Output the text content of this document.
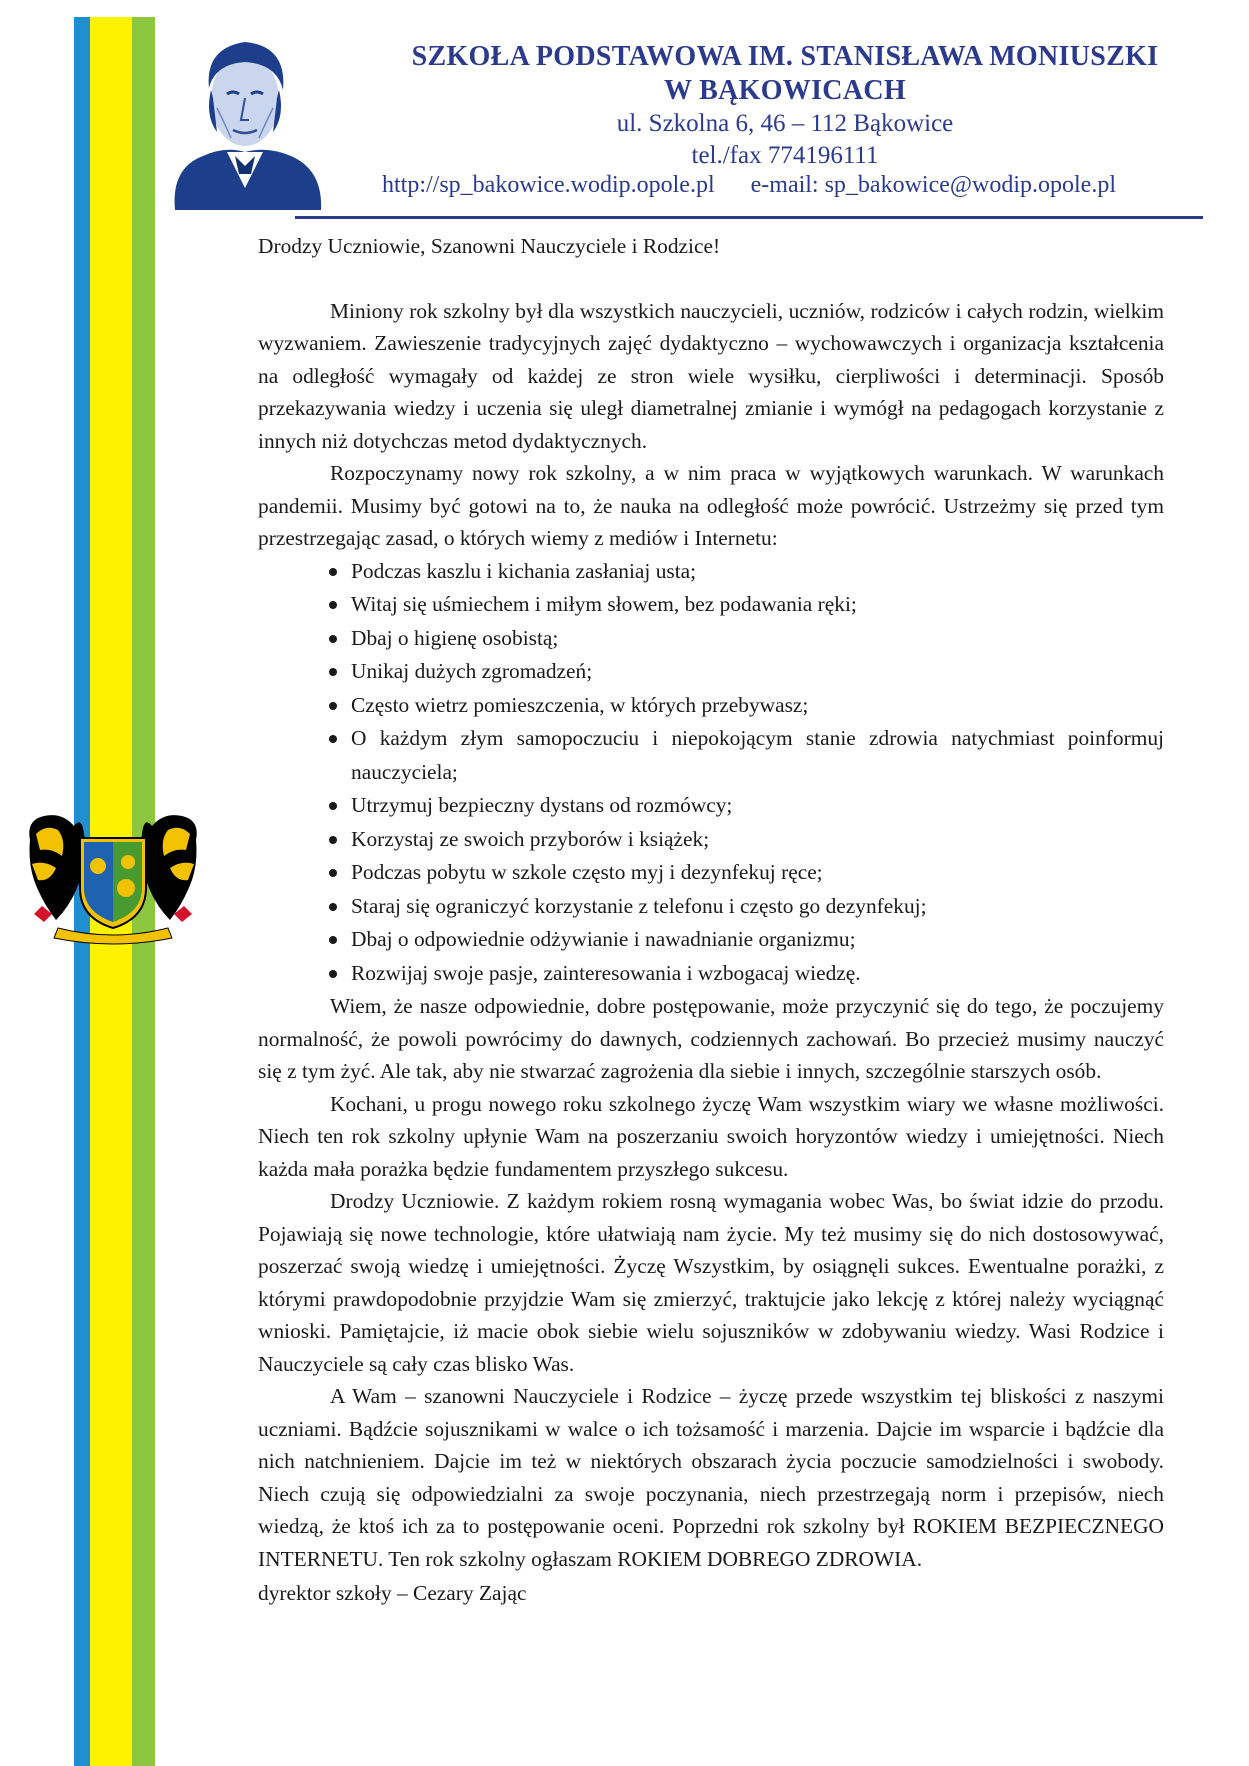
SZKOŁA PODSTAWOWA IM. STANISŁAWA MONIUSZKI
W BĄKOWICACH
ul. Szkolna 6, 46 – 112 Bąkowice
tel./fax 774196111
http://sp_bakowice.wodip.opole.pl e-mail: sp_bakowice@wodip.opole.pl

Drodzy Uczniowie, Szanowni Nauczyciele i Rodzice!

Miniony rok szkolny był dla wszystkich nauczycieli, uczniów, rodziców i całych rodzin, wielkim wyzwaniem. Zawieszenie tradycyjnych zajęć dydaktyczno – wychowawczych i organizacja kształcenia na odległość wymagały od każdej ze stron wiele wysiłku, cierpliwości i determinacji. Sposób przekazywania wiedzy i uczenia się uległ diametralnej zmianie i wymógł na pedagogach korzystanie z innych niż dotychczas metod dydaktycznych.

Rozpoczynamy nowy rok szkolny, a w nim praca w wyjątkowych warunkach. W warunkach pandemii. Musimy być gotowi na to, że nauka na odległość może powrócić. Ustrzeżmy się przed tym przestrzegając zasad, o których wiemy z mediów i Internetu:

Podczas kaszlu i kichania zasłaniaj usta;
Witaj się uśmiechem i miłym słowem, bez podawania ręki;
Dbaj o higienę osobistą;
Unikaj dużych zgromadzeń;
Często wietrz pomieszczenia, w których przebywasz;
O każdym złym samopoczuciu i niepokojącym stanie zdrowia natychmiast poinformuj nauczyciela;
Utrzymuj bezpieczny dystans od rozmówcy;
Korzystaj ze swoich przyborów i książek;
Podczas pobytu w szkole często myj i dezynfekuj ręce;
Staraj się ograniczyć korzystanie z telefonu i często go dezynfekuj;
Dbaj o odpowiednie odżywianie i nawadnianie organizmu;
Rozwijaj swoje pasje, zainteresowania i wzbogacaj wiedzę.

Wiem, że nasze odpowiednie, dobre postępowanie, może przyczynić się do tego, że poczujemy normalność, że powoli powrócimy do dawnych, codziennych zachowań. Bo przecież musimy nauczyć się z tym żyć. Ale tak, aby nie stwarzać zagrożenia dla siebie i innych, szczególnie starszych osób.

Kochani, u progu nowego roku szkolnego życzę Wam wszystkim wiary we własne możliwości. Niech ten rok szkolny upłynie Wam na poszerzaniu swoich horyzontów wiedzy i umiejętności. Niech każda mała porażka będzie fundamentem przyszłego sukcesu.

Drodzy Uczniowie. Z każdym rokiem rosną wymagania wobec Was, bo świat idzie do przodu. Pojawiają się nowe technologie, które ułatwiają nam życie. My też musimy się do nich dostosowywać, poszerzać swoją wiedzę i umiejętności. Życzę Wszystkim, by osiągnęli sukces. Ewentualne porażki, z którymi prawdopodobnie przyjdzie Wam się zmierzyć, traktujcie jako lekcję z której należy wyciągnąć wnioski. Pamiętajcie, iż macie obok siebie wielu sojuszników w zdobywaniu wiedzy. Wasi Rodzice i Nauczyciele są cały czas blisko Was.

A Wam – szanowni Nauczyciele i Rodzice – życzę przede wszystkim tej bliskości z naszymi uczniami. Bądźcie sojusznikami w walce o ich tożsamość i marzenia. Dajcie im wsparcie i bądźcie dla nich natchnieniem. Dajcie im też w niektórych obszarach życia poczucie samodzielności i swobody. Niech czują się odpowiedzialni za swoje poczynania, niech przestrzegają norm i przepisów, niech wiedzą, że ktoś ich za to postępowanie oceni. Poprzedni rok szkolny był ROKIEM BEZPIECZNEGO INTERNETU. Ten rok szkolny ogłaszam ROKIEM DOBREGO ZDROWIA.

dyrektor szkoły – Cezary Zając
